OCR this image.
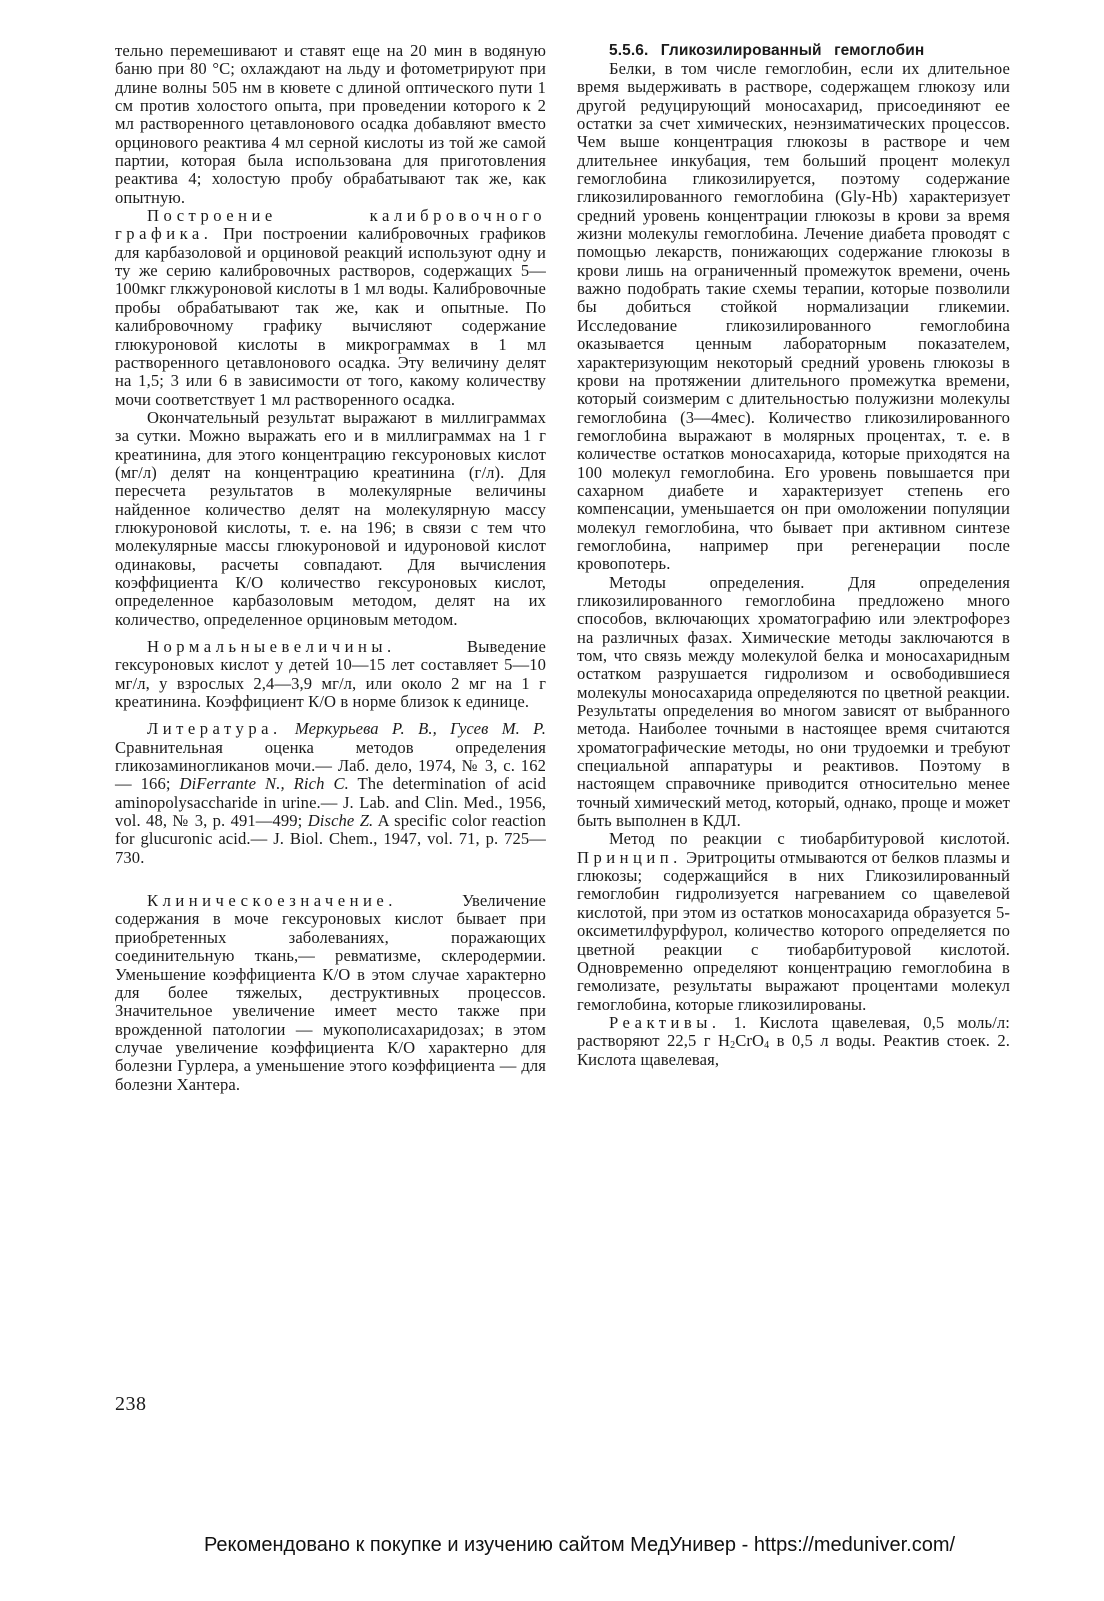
тельно перемешивают и ставят еще на 20 мин в водяную баню при 80 °С; охлаждают на льду и фотометрируют при длине волны 505 нм в кювете с длиной оптического пути 1 см против холостого опыта, при проведении которого к 2 мл растворенного цетавлонового осадка добавляют вместо орцинового реактива 4 мл серной кислоты из той же самой партии, которая была использована для приготовления реактива 4; холостую пробу обрабатывают так же, как опытную.

Построение калибровочного графика. При построении калибровочных графиков для карбазоловой и орциновой реакций используют одну и ту же серию калибровочных растворов, содержащих 5—100мкг глкжуроновой кислоты в 1 мл воды. Калибровочные пробы обрабатывают так же, как и опытные. По калибровочному графику вычисляют содержание глюкуроновой кислоты в микрограммах в 1 мл растворенного цетавлонового осадка. Эту величину делят на 1,5; 3 или 6 в зависимости от того, какому количеству мочи соответствует 1 мл растворенного осадка.

Окончательный результат выражают в миллиграммах за сутки. Можно выражать его и в миллиграммах на 1 г креатинина, для этого концентрацию гексуроновых кислот (мг/л) делят на концентрацию креатинина (г/л). Для пересчета результатов в молекулярные величины найденное количество делят на молекулярную массу глюкуроновой кислоты, т. е. на 196; в связи с тем что молекулярные массы глюкуроновой и идуроновой кислот одинаковы, расчеты совпадают. Для вычисления коэффициента К/О количество гексуроновых кислот, определенное карбазоловым методом, делят на их количество, определенное орциновым методом.

Нормальныевеличины. Выведение гексуроновых кислот у детей 10—15 лет составляет 5—10 мг/л, у взрослых 2,4—3,9 мг/л, или около 2 мг на 1 г креатинина. Коэффициент К/О в норме близок к единице.

Литература. Меркурьева Р. В., Гусев М. Р. Сравнительная оценка методов определения гликозаминогликанов мочи.— Лаб. дело, 1974, № 3, с. 162— 166; DiFerrante N., Rich C. The determination of acid aminopolysaccharide in urine.— J. Lab. and Clin. Med., 1956, vol. 48, № 3, p. 491—499; Dische Z. A specific color reaction for glucuronic acid.— J. Biol. Chem., 1947, vol. 71, p. 725—730.

Клиническоезначение. Увеличение содержания в моче гексуроновых кислот бывает при приобретенных заболеваниях, поражающих соединительную ткань,— ревматизме, склеродермии. Уменьшение коэффициента К/О в этом случае характерно для более тяжелых, деструктивных процессов. Значительное увеличение имеет место также при врожденной патологии — мукополисахаридозах; в этом случае увеличение коэффициента К/О характерно для болезни Гурлера, а уменьшение этого коэффициента — для болезни Хантера.

5.5.6. Гликозилированный гемоглобин

Белки, в том числе гемоглобин, если их длительное время выдерживать в растворе, содержащем глюкозу или другой редуцирующий моносахарид, присоединяют ее остатки за счет химических, неэнзиматических процессов. Чем выше концентрация глюкозы в растворе и чем длительнее инкубация, тем больший процент молекул гемоглобина гликозилируется, поэтому содержание гликозилированного гемоглобина (Gly-Hb) характеризует средний уровень концентрации глюкозы в крови за время жизни молекулы гемоглобина. Лечение диабета проводят с помощью лекарств, понижающих содержание глюкозы в крови лишь на ограниченный промежуток времени, очень важно подобрать такие схемы терапии, которые позволили бы добиться стойкой нормализации гликемии. Исследование гликозилированного гемоглобина оказывается ценным лабораторным показателем, характеризующим некоторый средний уровень глюкозы в крови на протяжении длительного промежутка времени, который соизмерим с длительностью полужизни молекулы гемоглобина (3—4мес). Количество гликозилированного гемоглобина выражают в молярных процентах, т. е. в количестве остатков моносахарида, которые приходятся на 100 молекул гемоглобина. Его уровень повышается при сахарном диабете и характеризует степень его компенсации, уменьшается он при омоложении популяции молекул гемоглобина, что бывает при активном синтезе гемоглобина, например при регенерации после кровопотерь.

Методы определения. Для определения гликозилированного гемоглобина предложено много способов, включающих хроматографию или электрофорез на различных фазах. Химические методы заключаются в том, что связь между молекулой белка и моносахаридным остатком разрушается гидролизом и освободившиеся молекулы моносахарида определяются по цветной реакции. Результаты определения во многом зависят от выбранного метода. Наиболее точными в настоящее время считаются хроматографические методы, но они трудоемки и требуют специальной аппаратуры и реактивов. Поэтому в настоящем справочнике приводится относительно менее точный химический метод, который, однако, проще и может быть выполнен в КДЛ.

Метод по реакции с тиобарбитуровой кислотой. Принцип. Эритроциты отмываются от белков плазмы и глюкозы; содержащийся в них Гликозилированный гемоглобин гидролизуется нагреванием со щавелевой кислотой, при этом из остатков моносахарида образуется 5-оксиметилфурфурол, количество которого определяется по цветной реакции с тиобарбитуровой кислотой. Одновременно определяют концентрацию гемоглобина в гемолизате, результаты выражают процентами молекул гемоглобина, которые гликозилированы.

Реактивы. 1. Кислота щавелевая, 0,5 моль/л: растворяют 22,5 г $H_2CrO_4$ в 0,5 л воды. Реактив стоек. 2. Кислота щавелевая,

238
Рекомендовано к покупке и изучению сайтом МедУнивер - https://meduniver.com/
